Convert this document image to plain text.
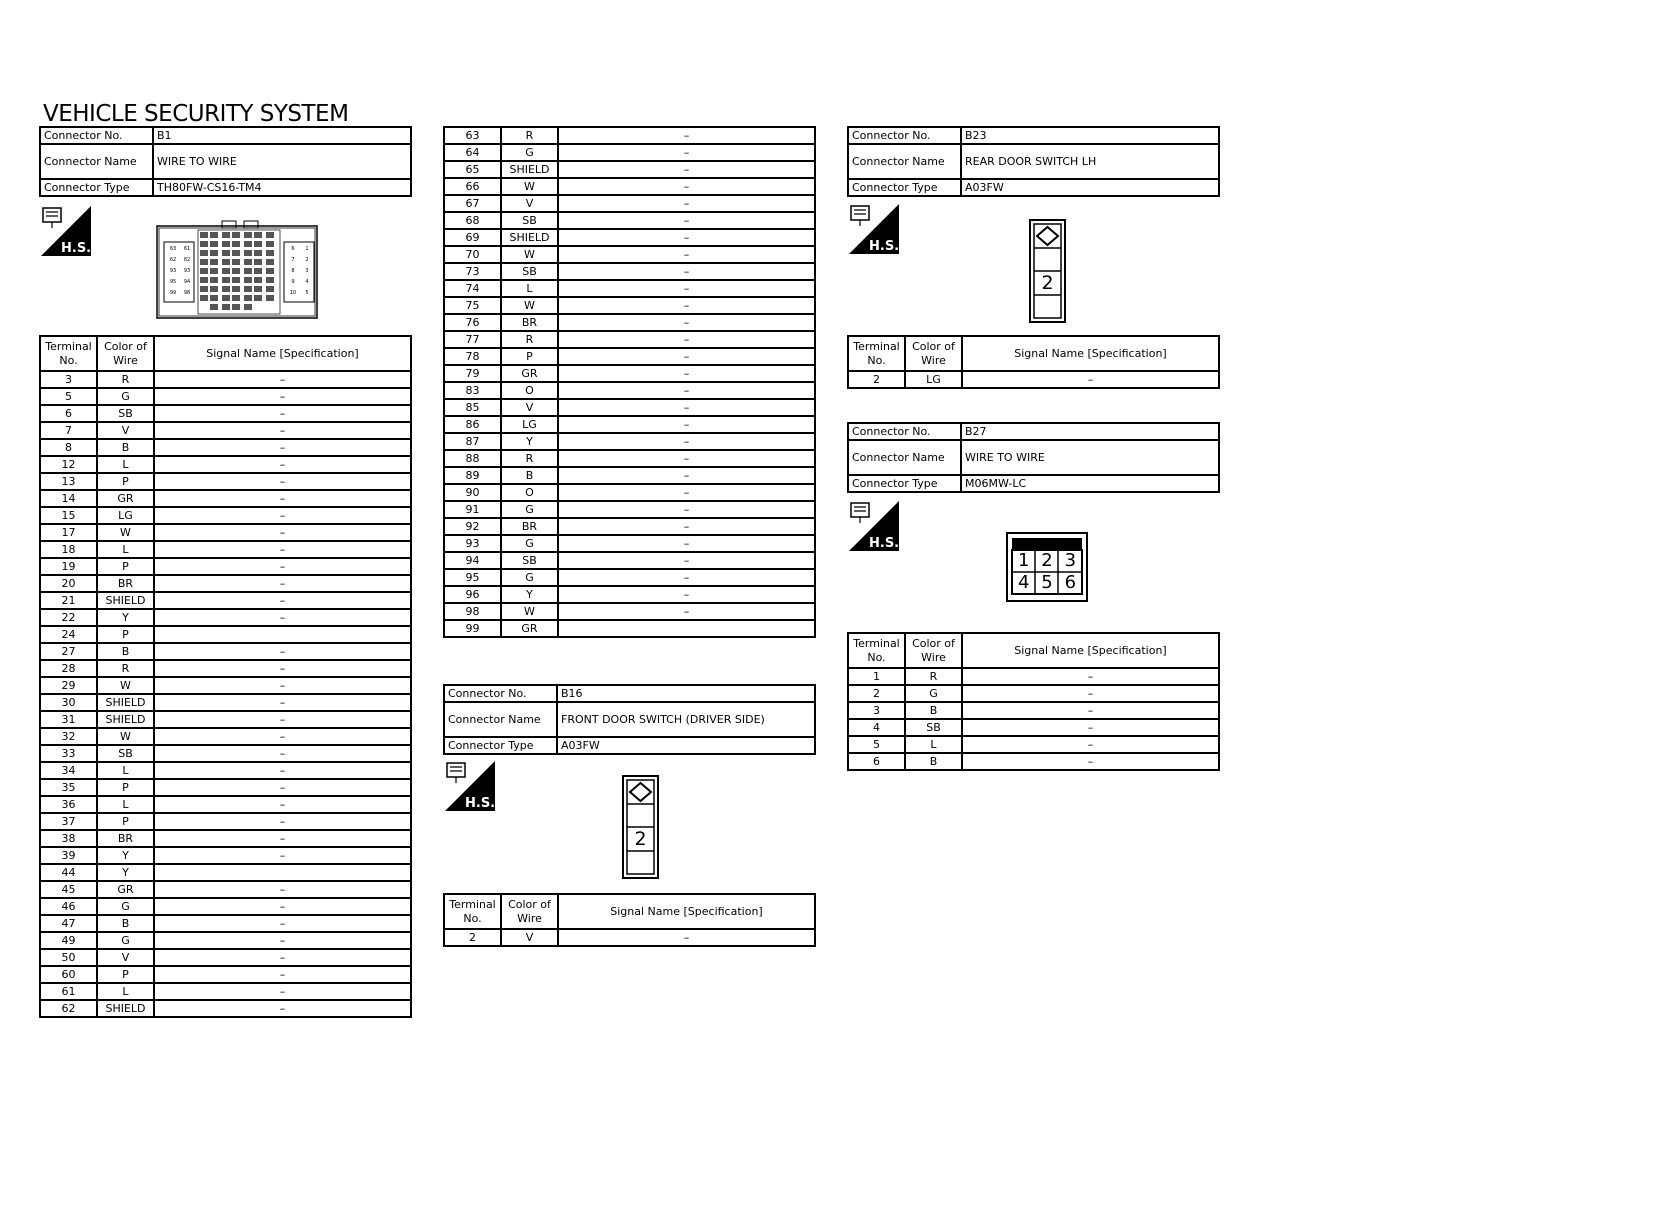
VEHICLE SECURITY SYSTEM
Connector No.	B1
Connector Name	WIRE TO WIRE
Connector Type	TH80FW-CS16-TM4
H.S.	63	61
62	82
93	93
95	94
99	98
6	1
7	2
8	3
9	4
10	5
Terminal No.	Color of Wire	Signal Name [Specification]
3	R	–
5	G	–
6	SB	–
7	V	–
8	B	–
12	L	–
13	P	–
14	GR	–
15	LG	–
17	W	–
18	L	–
19	P	–
20	BR	–
21	SHIELD	–
22	Y	–
24	P	
27	B	–
28	R	–
29	W	–
30	SHIELD	–
31	SHIELD	–
32	W	–
33	SB	–
34	L	–
35	P	–
36	L	–
37	P	–
38	BR	–
39	Y	–
44	Y	
45	GR	–
46	G	–
47	B	–
49	G	–
50	V	–
60	P	–
61	L	–
62	SHIELD	–
63	R	–
64	G	–
65	SHIELD	–
66	W	–
67	V	–
68	SB	–
69	SHIELD	–
70	W	–
73	SB	–
74	L	–
75	W	–
76	BR	–
77	R	–
78	P	–
79	GR	–
83	O	–
85	V	–
86	LG	–
87	Y	–
88	R	–
89	B	–
90	O	–
91	G	–
92	BR	–
93	G	–
94	SB	–
95	G	–
96	Y	–
98	W	–
99	GR	
Connector No.	B16
Connector Name	FRONT DOOR SWITCH (DRIVER SIDE)
Connector Type	A03FW
H.S.
2
Terminal No.	Color of Wire	Signal Name [Specification]
2	V	–
Connector No.	B23
Connector Name	REAR DOOR SWITCH LH
Connector Type	A03FW
H.S.
2
Terminal No.	Color of Wire	Signal Name [Specification]
2	LG	–
Connector No.	B27
Connector Name	WIRE TO WIRE
Connector Type	M06MW-LC
H.S.
1 2 3
4 5 6
Terminal No.	Color of Wire	Signal Name [Specification]
1	R	–
2	G	–
3	B	–
4	SB	–
5	L	–
6	B	–
